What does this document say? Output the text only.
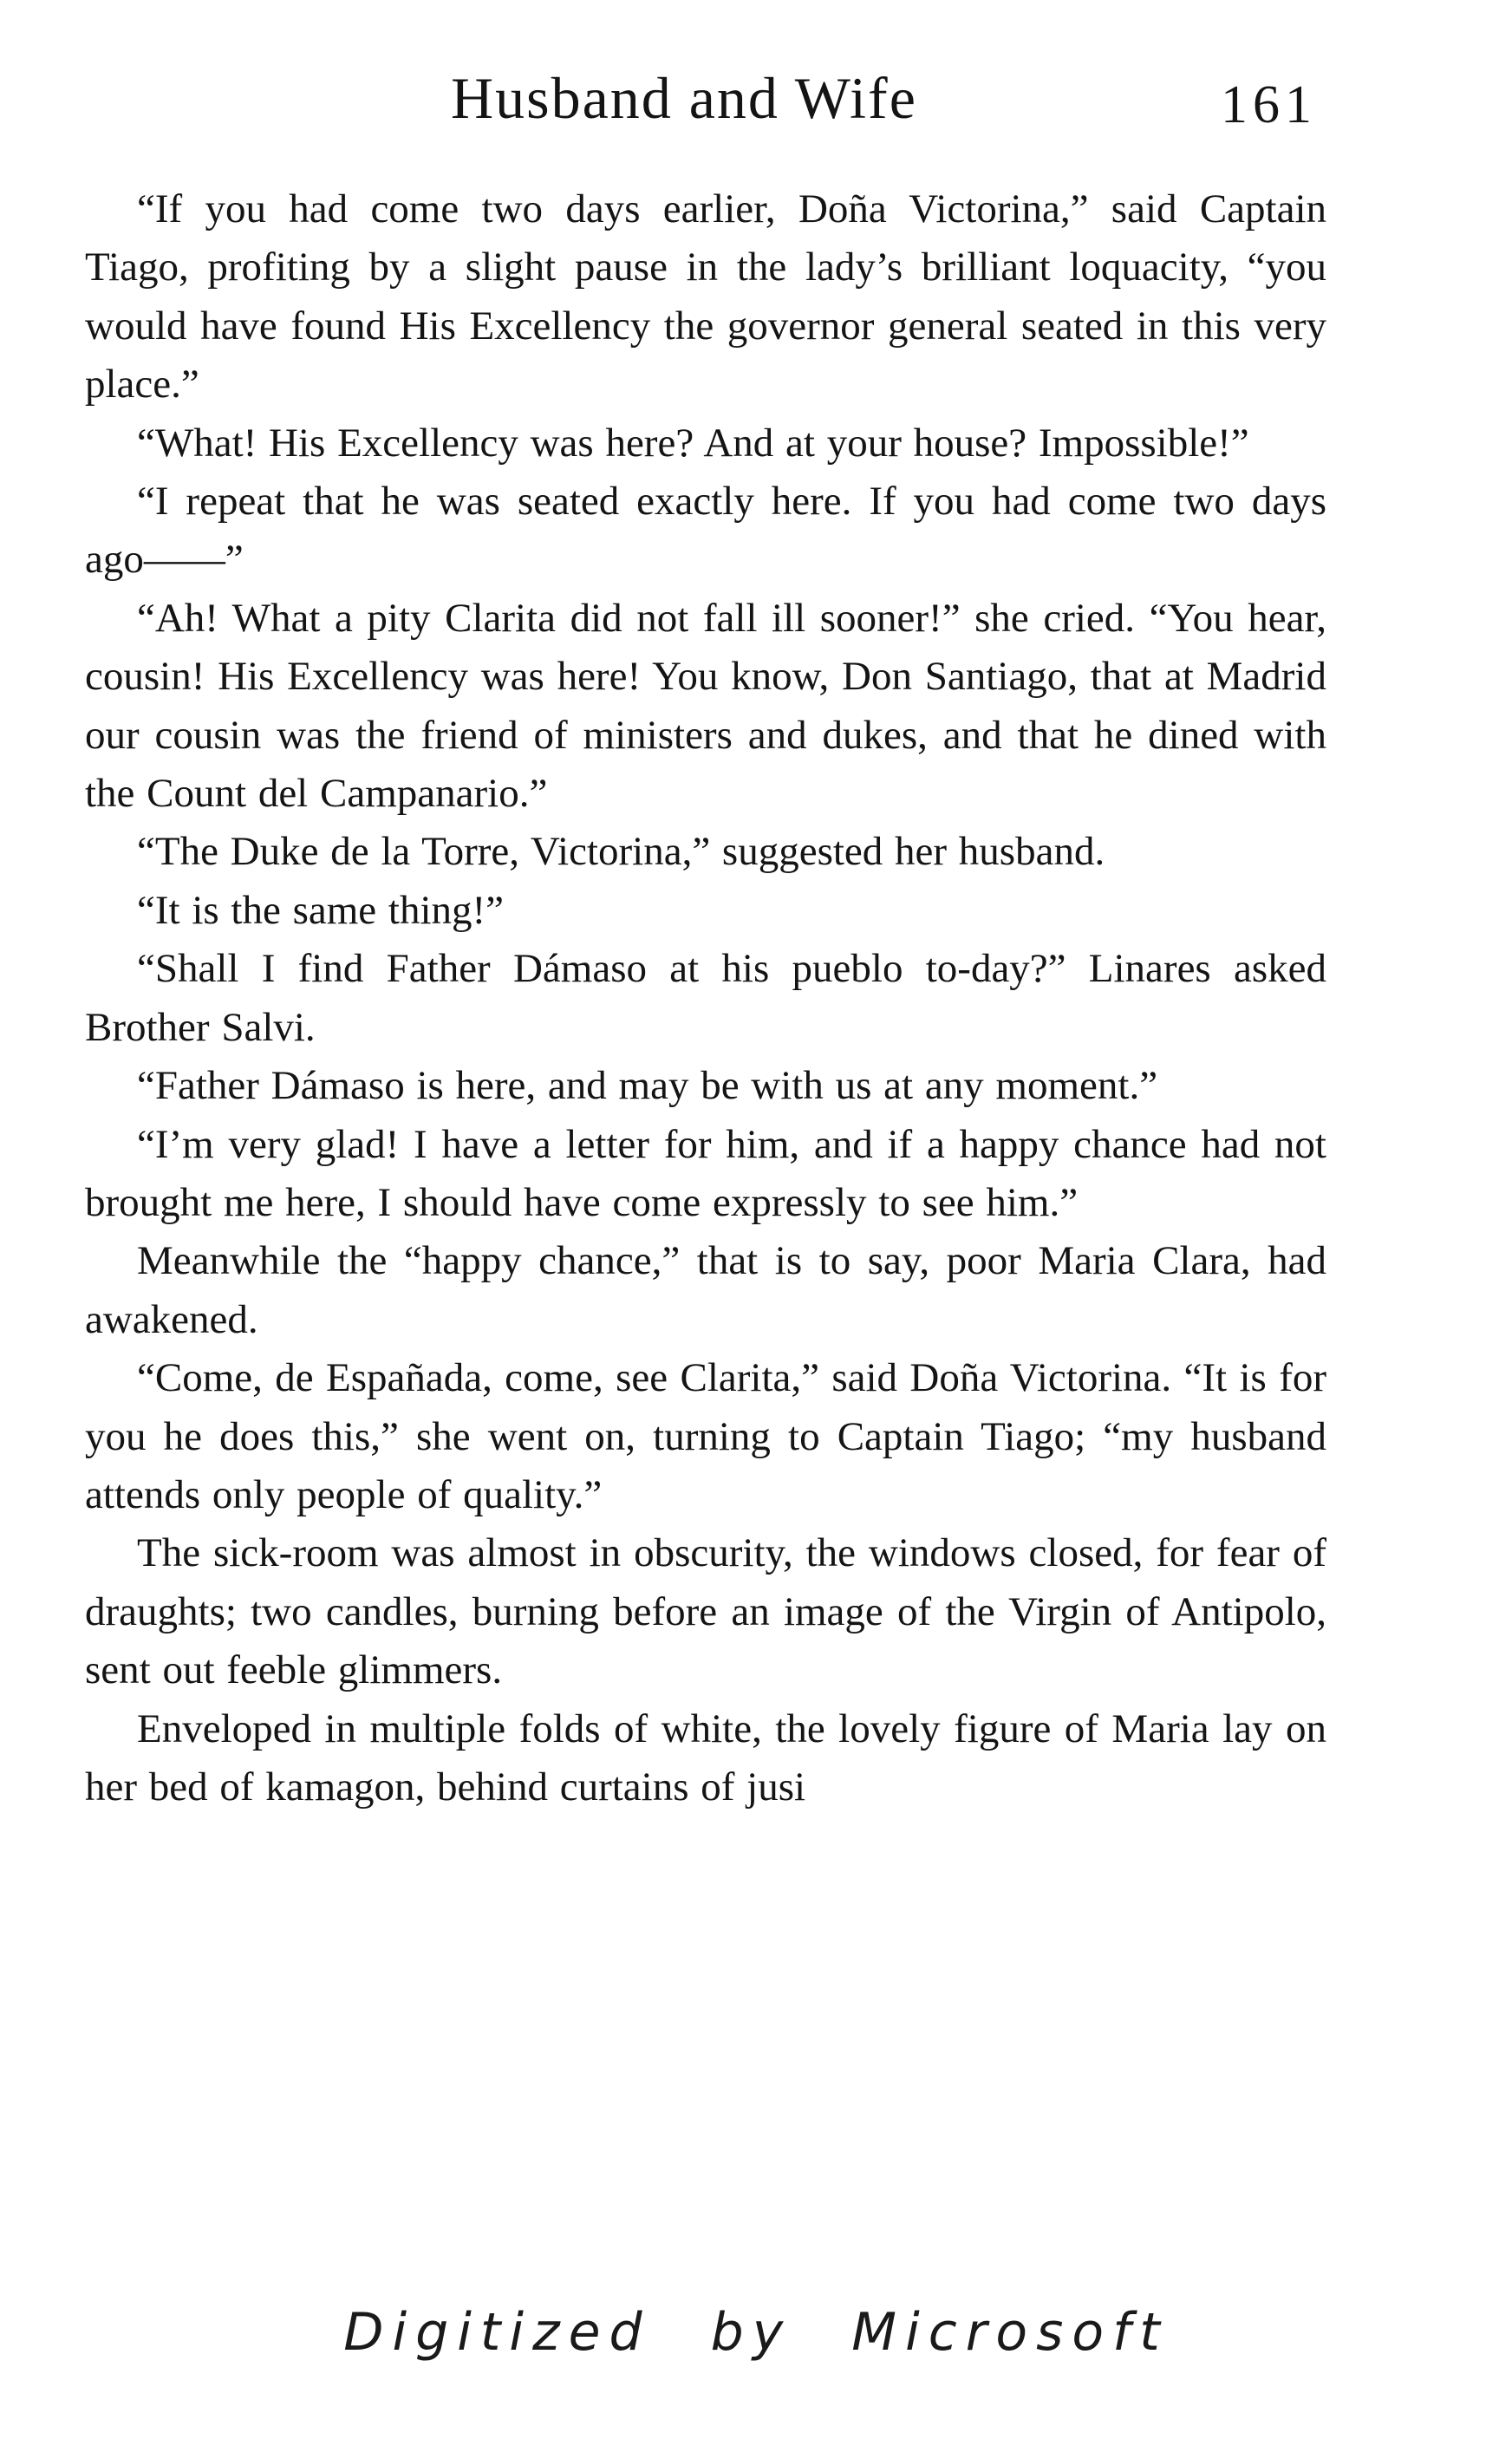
Husband and Wife	161

“If you had come two days earlier, Doña Victorina,” said Captain Tiago, profiting by a slight pause in the lady’s brilliant loquacity, “you would have found His Excellency the governor general seated in this very place.”

“What! His Excellency was here? And at your house? Impossible!”

“I repeat that he was seated exactly here. If you had come two days ago——”

“Ah! What a pity Clarita did not fall ill sooner!” she cried. “You hear, cousin! His Excellency was here! You know, Don Santiago, that at Madrid our cousin was the friend of ministers and dukes, and that he dined with the Count del Campanario.”

“The Duke de la Torre, Victorina,” suggested her husband.

“It is the same thing!”

“Shall I find Father Dámaso at his pueblo to-day?” Linares asked Brother Salvi.

“Father Dámaso is here, and may be with us at any moment.”

“I’m very glad! I have a letter for him, and if a happy chance had not brought me here, I should have come expressly to see him.”

Meanwhile the “happy chance,” that is to say, poor Maria Clara, had awakened.

“Come, de Españada, come, see Clarita,” said Doña Victorina. “It is for you he does this,” she went on, turning to Captain Tiago; “my husband attends only people of quality.”

The sick-room was almost in obscurity, the windows closed, for fear of draughts; two candles, burning before an image of the Virgin of Antipolo, sent out feeble glimmers.

Enveloped in multiple folds of white, the lovely figure of Maria lay on her bed of kamagon, behind curtains of jusi

Digitized by Microsoft
